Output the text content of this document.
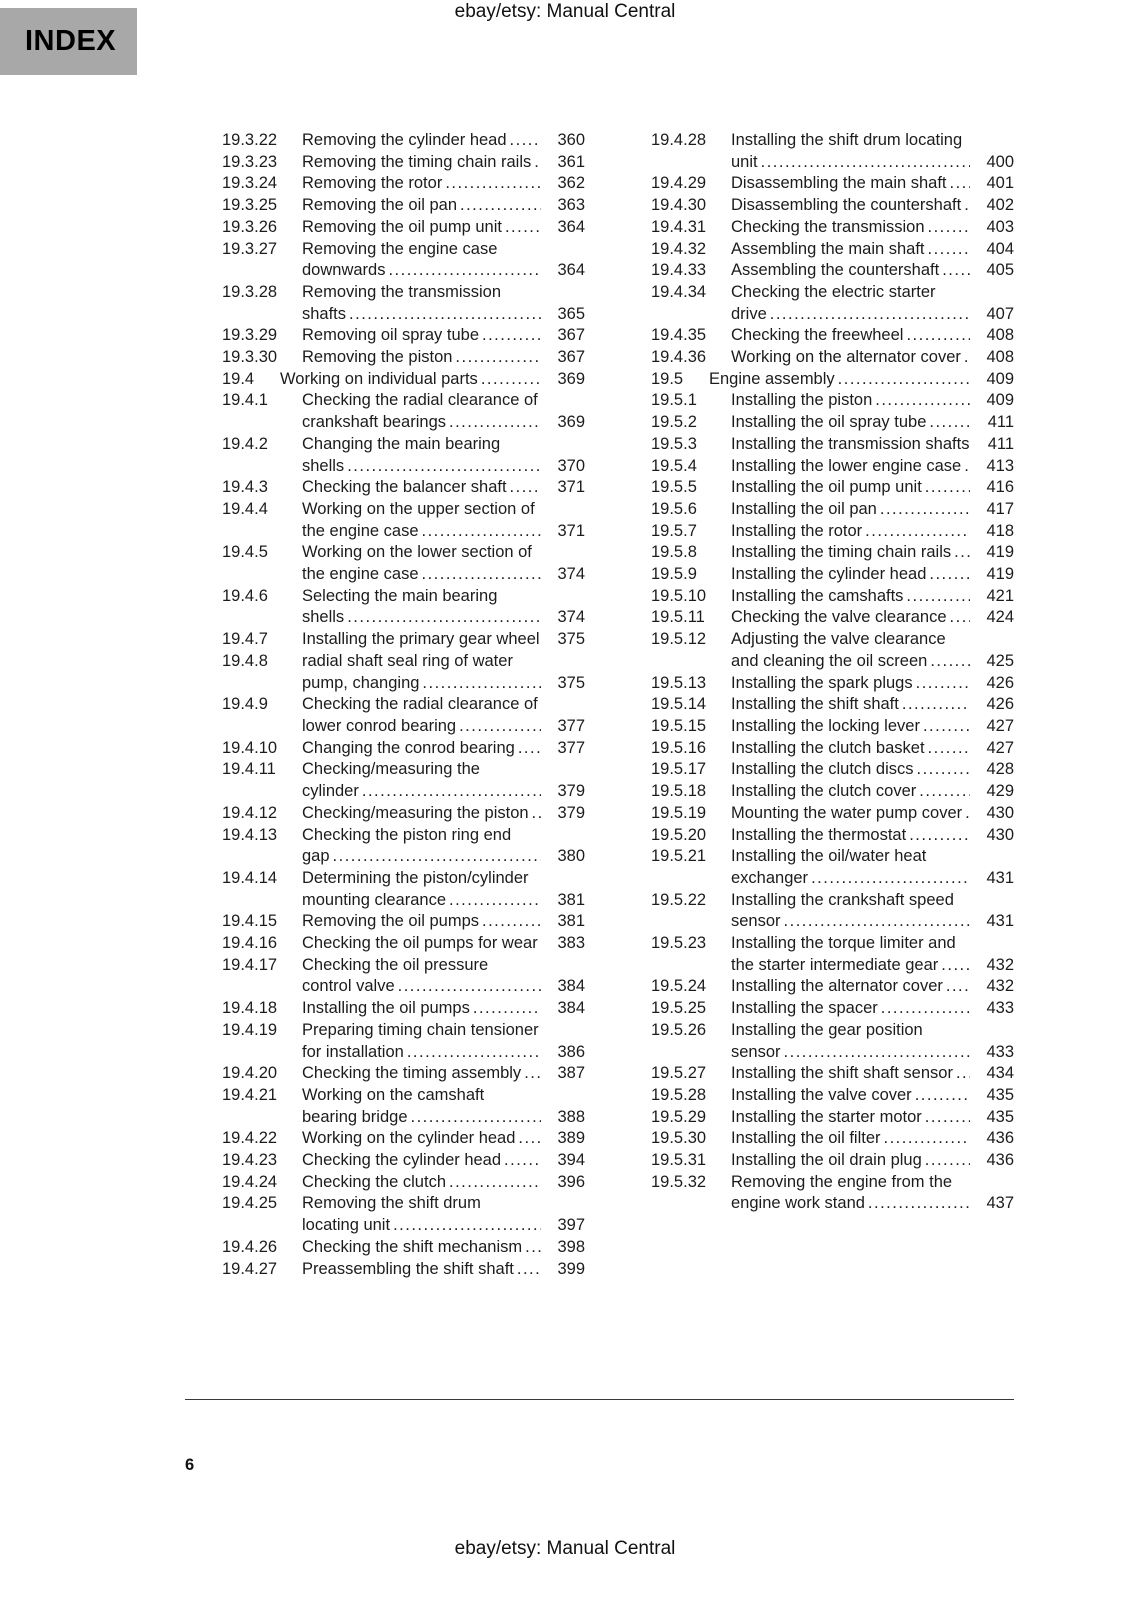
ebay/etsy: Manual Central
INDEX
19.3.22	Removing the cylinder head .....	360
19.3.23	Removing the timing chain rails .....	361
19.3.24	Removing the rotor .....	362
19.3.25	Removing the oil pan .....	363
19.3.26	Removing the oil pump unit .....	364
19.3.27	Removing the engine case downwards .....	364
19.3.28	Removing the transmission shafts .....	365
19.3.29	Removing oil spray tube .....	367
19.3.30	Removing the piston .....	367
19.4	Working on individual parts .....	369
19.4.1	Checking the radial clearance of crankshaft bearings .....	369
19.4.2	Changing the main bearing shells .....	370
19.4.3	Checking the balancer shaft .....	371
19.4.4	Working on the upper section of the engine case .....	371
19.4.5	Working on the lower section of the engine case .....	374
19.4.6	Selecting the main bearing shells .....	374
19.4.7	Installing the primary gear wheel .....	375
19.4.8	radial shaft seal ring of water pump, changing .....	375
19.4.9	Checking the radial clearance of lower conrod bearing .....	377
19.4.10	Changing the conrod bearing .....	377
19.4.11	Checking/measuring the cylinder .....	379
19.4.12	Checking/measuring the piston .....	379
19.4.13	Checking the piston ring end gap .....	380
19.4.14	Determining the piston/cylinder mounting clearance .....	381
19.4.15	Removing the oil pumps .....	381
19.4.16	Checking the oil pumps for wear .....	383
19.4.17	Checking the oil pressure control valve .....	384
19.4.18	Installing the oil pumps .....	384
19.4.19	Preparing timing chain tensioner for installation .....	386
19.4.20	Checking the timing assembly .....	387
19.4.21	Working on the camshaft bearing bridge .....	388
19.4.22	Working on the cylinder head .....	389
19.4.23	Checking the cylinder head .....	394
19.4.24	Checking the clutch .....	396
19.4.25	Removing the shift drum locating unit .....	397
19.4.26	Checking the shift mechanism .....	398
19.4.27	Preassembling the shift shaft .....	399
19.4.28	Installing the shift drum locating unit .....	400
19.4.29	Disassembling the main shaft .....	401
19.4.30	Disassembling the countershaft .....	402
19.4.31	Checking the transmission .....	403
19.4.32	Assembling the main shaft .....	404
19.4.33	Assembling the countershaft .....	405
19.4.34	Checking the electric starter drive .....	407
19.4.35	Checking the freewheel .....	408
19.4.36	Working on the alternator cover .....	408
19.5	Engine assembly .....	409
19.5.1	Installing the piston .....	409
19.5.2	Installing the oil spray tube .....	411
19.5.3	Installing the transmission shafts .....	411
19.5.4	Installing the lower engine case .....	413
19.5.5	Installing the oil pump unit .....	416
19.5.6	Installing the oil pan .....	417
19.5.7	Installing the rotor .....	418
19.5.8	Installing the timing chain rails .....	419
19.5.9	Installing the cylinder head .....	419
19.5.10	Installing the camshafts .....	421
19.5.11	Checking the valve clearance .....	424
19.5.12	Adjusting the valve clearance and cleaning the oil screen .....	425
19.5.13	Installing the spark plugs .....	426
19.5.14	Installing the shift shaft .....	426
19.5.15	Installing the locking lever .....	427
19.5.16	Installing the clutch basket .....	427
19.5.17	Installing the clutch discs .....	428
19.5.18	Installing the clutch cover .....	429
19.5.19	Mounting the water pump cover .....	430
19.5.20	Installing the thermostat .....	430
19.5.21	Installing the oil/water heat exchanger .....	431
19.5.22	Installing the crankshaft speed sensor .....	431
19.5.23	Installing the torque limiter and the starter intermediate gear .....	432
19.5.24	Installing the alternator cover .....	432
19.5.25	Installing the spacer .....	433
19.5.26	Installing the gear position sensor .....	433
19.5.27	Installing the shift shaft sensor .....	434
19.5.28	Installing the valve cover .....	435
19.5.29	Installing the starter motor .....	435
19.5.30	Installing the oil filter .....	436
19.5.31	Installing the oil drain plug .....	436
19.5.32	Removing the engine from the engine work stand .....	437
6
ebay/etsy: Manual Central
